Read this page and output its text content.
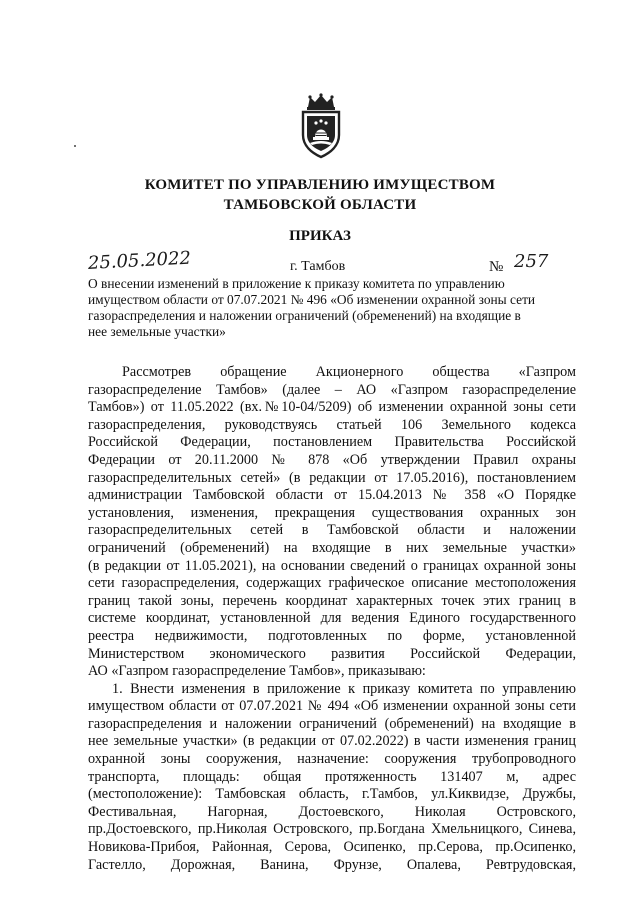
КОМИТЕТ ПО УПРАВЛЕНИЮ ИМУЩЕСТВОМ
ТАМБОВСКОЙ ОБЛАСТИ
ПРИКАЗ
25.05.2022	г. Тамбов	№ 257
О внесении изменений в приложение к приказу комитета по управлению
имуществом области от 07.07.2021 № 496 «Об изменении охранной зоны сети
газораспределения и наложении ограничений (обременений) на входящие в
нее земельные участки»
Рассмотрев обращение Акционерного общества «Газпром
газораспределение Тамбов» (далее – АО «Газпром газораспределение
Тамбов») от 11.05.2022 (вх.№10-04/5209) об изменении охранной зоны сети
газораспределения, руководствуясь статьей 106 Земельного кодекса
Российской Федерации, постановлением Правительства Российской
Федерации от 20.11.2000 № 878 «Об утверждении Правил охраны
газораспределительных сетей» (в редакции от 17.05.2016), постановлением
администрации Тамбовской области от 15.04.2013 № 358 «О Порядке
установления, изменения, прекращения существования охранных зон
газораспределительных сетей в Тамбовской области и наложении
ограничений (обременений) на входящие в них земельные участки»
(в редакции от 11.05.2021), на основании сведений о границах охранной зоны
сети газораспределения, содержащих графическое описание местоположения
границ такой зоны, перечень координат характерных точек этих границ в
системе координат, установленной для ведения Единого государственного
реестра недвижимости, подготовленных по форме, установленной
Министерством экономического развития Российской Федерации,
АО «Газпром газораспределение Тамбов», приказываю:
1. Внести изменения в приложение к приказу комитета по управлению
имуществом области от 07.07.2021 № 494 «Об изменении охранной зоны сети
газораспределения и наложении ограничений (обременений) на входящие в
нее земельные участки» (в редакции от 07.02.2022) в части изменения границ
охранной зоны сооружения, назначение: сооружения трубопроводного
транспорта, площадь: общая протяженность 131407 м, адрес
(местоположение): Тамбовская область, г.Тамбов, ул.Киквидзе, Дружбы,
Фестивальная, Нагорная, Достоевского, Николая Островского,
пр.Достоевского, пр.Николая Островского, пр.Богдана Хмельницкого, Синева,
Новикова-Прибоя, Районная, Серова, Осипенко, пр.Серова, пр.Осипенко,
Гастелло, Дорожная, Ванина, Фрунзе, Опалева, Ревтрудовская,
